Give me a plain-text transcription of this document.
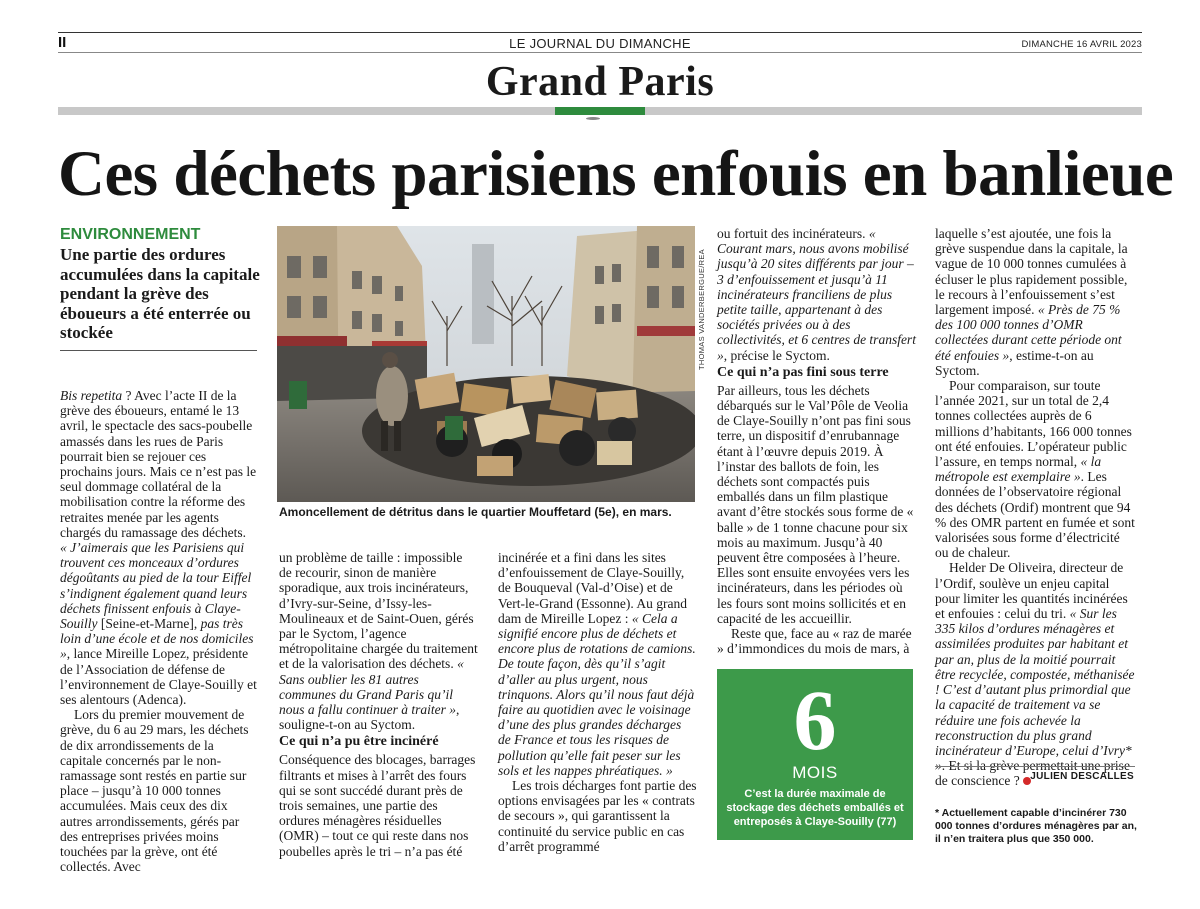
II	LE JOURNAL DU DIMANCHE	DIMANCHE 16 AVRIL 2023
Grand Paris
Ces déchets parisiens enfouis en banlieue
ENVIRONNEMENT
Une partie des ordures accumulées dans la capitale pendant la grève des éboueurs a été enterrée ou stockée	THOMAS VANDERBERGUE/REA
Amoncellement de détritus dans le quartier Mouffetard (5e), en mars.

Bis repetita ? Avec l’acte II de la grève des éboueurs, entamé le 13 avril, le spectacle des sacs-poubelle amassés dans les rues de Paris pourrait bien se rejouer ces prochains jours. Mais ce n’est pas le seul dommage collatéral de la mobilisation contre la réforme des retraites menée par les agents chargés du ramassage des déchets.

« J’aimerais que les Parisiens qui trouvent ces monceaux d’ordures dégoûtants au pied de la tour Eiffel s’indignent également quand leurs déchets finissent enfouis à Claye-Souilly [Seine-et-Marne], pas très loin d’une école et de nos domiciles », lance Mireille Lopez, présidente de l’Association de défense de l’environnement de Claye-Souilly et ses alentours (Adenca).

Lors du premier mouvement de grève, du 6 au 29 mars, les déchets de dix arrondissements de la capitale concernés par le non-ramassage sont restés en partie sur place – jusqu’à 10 000 tonnes accumulées. Mais ceux des dix autres arrondissements, gérés par des entreprises privées moins touchées par la grève, ont été collectés. Avec

un problème de taille : impossible de recourir, sinon de manière sporadique, aux trois incinérateurs, d’Ivry-sur-Seine, d’Issy-les-Moulineaux et de Saint-Ouen, gérés par le Syctom, l’agence métropolitaine chargée du traitement et de la valorisation des déchets. « Sans oublier les 81 autres communes du Grand Paris qu’il nous a fallu continuer à traiter », souligne-t-on au Syctom.

Ce qui n’a pu être incinéré

Conséquence des blocages, barrages filtrants et mises à l’arrêt des fours qui se sont succédé durant près de trois semaines, une partie des ordures ménagères résiduelles (OMR) – tout ce qui reste dans nos poubelles après le tri – n’a pas été

incinérée et a fini dans les sites d’enfouissement de Claye-Souilly, de Bouqueval (Val-d’Oise) et de Vert-le-Grand (Essonne). Au grand dam de Mireille Lopez : « Cela a signifié encore plus de déchets et encore plus de rotations de camions. De toute façon, dès qu’il s’agit d’aller au plus urgent, nous trinquons. Alors qu’il nous faut déjà faire au quotidien avec le voisinage d’une des plus grandes décharges de France et tous les risques de pollution qu’elle fait peser sur les sols et les nappes phréatiques. »

Les trois décharges font partie des options envisagées par les « contrats de secours », qui garantissent la continuité du service public en cas d’arrêt programmé

ou fortuit des incinérateurs. « Courant mars, nous avons mobilisé jusqu’à 20 sites différents par jour – 3 d’enfouissement et jusqu’à 11 incinérateurs franciliens de plus petite taille, appartenant à des sociétés privées ou à des collectivités, et 6 centres de transfert », précise le Syctom.

Ce qui n’a pas fini sous terre

Par ailleurs, tous les déchets débarqués sur le Val’Pôle de Veolia de Claye-Souilly n’ont pas fini sous terre, un dispositif d’enrubannage étant à l’œuvre depuis 2019. À l’instar des ballots de foin, les déchets sont compactés puis emballés dans un film plastique avant d’être stockés sous forme de « balle » de 1 tonne chacune pour six mois au maximum. Jusqu’à 40 peuvent être composées à l’heure. Elles sont ensuite envoyées vers les incinérateurs, dans les périodes où les fours sont moins sollicités et en capacité de les accueillir.

Reste que, face au « raz de marée » d’immondices du mois de mars, à

6
MOIS
C’est la durée maximale de stockage des déchets emballés et entreposés à Claye-Souilly (77)

laquelle s’est ajoutée, une fois la grève suspendue dans la capitale, la vague de 10 000 tonnes cumulées à écluser le plus rapidement possible, le recours à l’enfouissement s’est largement imposé. « Près de 75 % des 100 000 tonnes d’OMR collectées durant cette période ont été enfouies », estime-t-on au Syctom.

Pour comparaison, sur toute l’année 2021, sur un total de 2,4 tonnes collectées auprès de 6 millions d’habitants, 166 000 tonnes ont été enfouies. L’opérateur public l’assure, en temps normal, « la métropole est exemplaire ». Les données de l’observatoire régional des déchets (Ordif) montrent que 94 % des OMR partent en fumée et sont valorisées sous forme d’électricité ou de chaleur.

Helder De Oliveira, directeur de l’Ordif, soulève un enjeu capital pour limiter les quantités incinérées et enfouies : celui du tri. « Sur les 335 kilos d’ordures ménagères et assimilées produites par habitant et par an, plus de la moitié pourrait être recyclée, compostée, méthanisée ! C’est d’autant plus primordial que la capacité de traitement va se réduire une fois achevée la reconstruction du plus grand incinérateur d’Europe, celui d’Ivry* ». Et si la grève permettait une prise de conscience ?	JULIEN DESCALLES
* Actuellement capable d’incinérer 730 000 tonnes d’ordures ménagères par an, il n’en traitera plus que 350 000.
